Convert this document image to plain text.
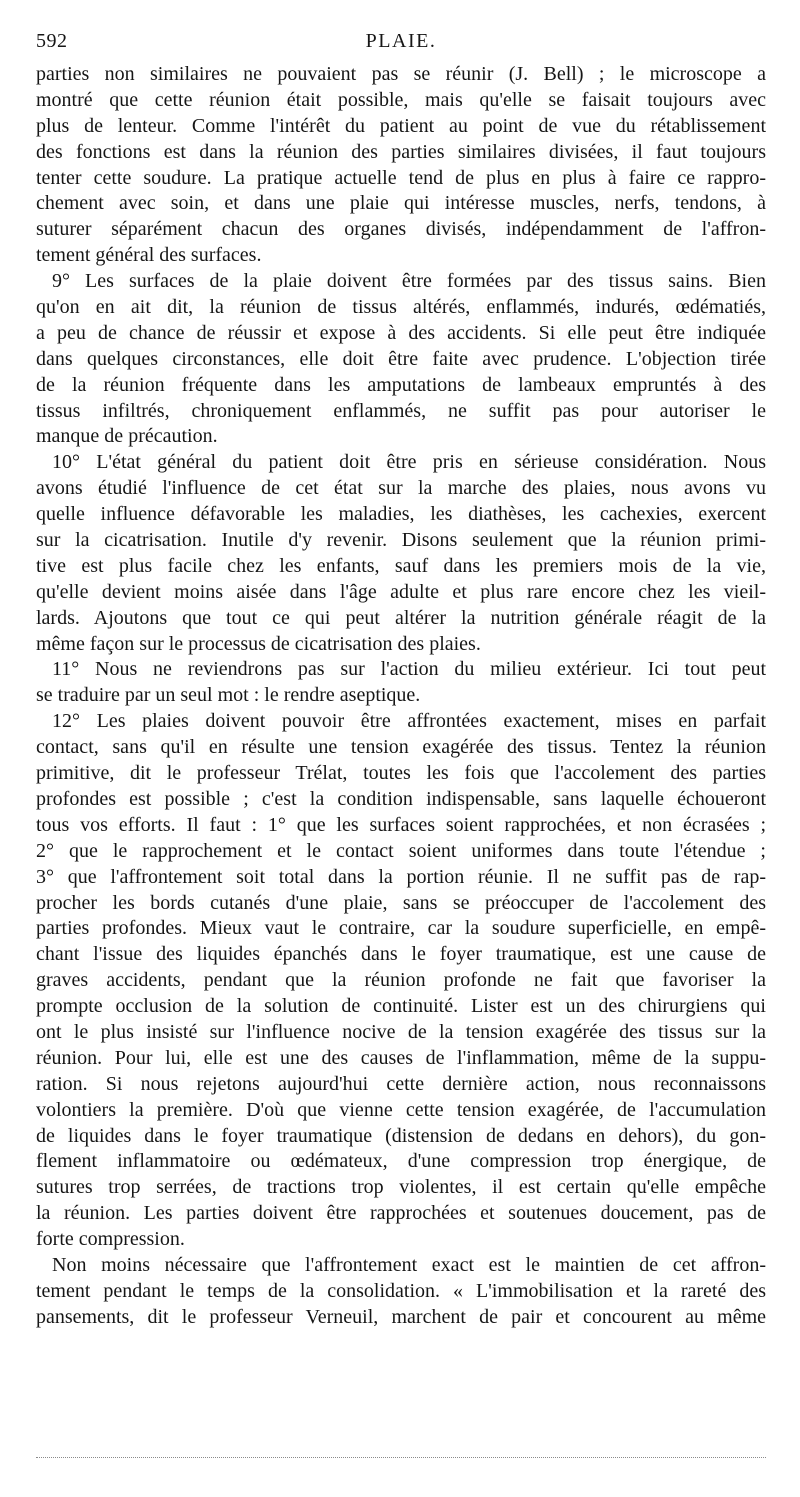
592	PLAIE.
parties non similaires ne pouvaient pas se réunir (J. Bell) ; le microscope a
montré que cette réunion était possible, mais qu'elle se faisait toujours avec
plus de lenteur. Comme l'intérêt du patient au point de vue du rétablissement
des fonctions est dans la réunion des parties similaires divisées, il faut toujours
tenter cette soudure. La pratique actuelle tend de plus en plus à faire ce rappro-
chement avec soin, et dans une plaie qui intéresse muscles, nerfs, tendons, à
suturer séparément chacun des organes divisés, indépendamment de l'affron-
tement général des surfaces.
9° Les surfaces de la plaie doivent être formées par des tissus sains. Bien
qu'on en ait dit, la réunion de tissus altérés, enflammés, indurés, œdématiés,
a peu de chance de réussir et expose à des accidents. Si elle peut être indiquée
dans quelques circonstances, elle doit être faite avec prudence. L'objection tirée
de la réunion fréquente dans les amputations de lambeaux empruntés à des
tissus infiltrés, chroniquement enflammés, ne suffit pas pour autoriser le
manque de précaution.
10° L'état général du patient doit être pris en sérieuse considération. Nous
avons étudié l'influence de cet état sur la marche des plaies, nous avons vu
quelle influence défavorable les maladies, les diathèses, les cachexies, exercent
sur la cicatrisation. Inutile d'y revenir. Disons seulement que la réunion primi-
tive est plus facile chez les enfants, sauf dans les premiers mois de la vie,
qu'elle devient moins aisée dans l'âge adulte et plus rare encore chez les vieil-
lards. Ajoutons que tout ce qui peut altérer la nutrition générale réagit de la
même façon sur le processus de cicatrisation des plaies.
11° Nous ne reviendrons pas sur l'action du milieu extérieur. Ici tout peut
se traduire par un seul mot : le rendre aseptique.
12° Les plaies doivent pouvoir être affrontées exactement, mises en parfait
contact, sans qu'il en résulte une tension exagérée des tissus. Tentez la réunion
primitive, dit le professeur Trélat, toutes les fois que l'accolement des parties
profondes est possible ; c'est la condition indispensable, sans laquelle échoueront
tous vos efforts. Il faut : 1° que les surfaces soient rapprochées, et non écrasées ;
2° que le rapprochement et le contact soient uniformes dans toute l'étendue ;
3° que l'affrontement soit total dans la portion réunie. Il ne suffit pas de rap-
procher les bords cutanés d'une plaie, sans se préoccuper de l'accolement des
parties profondes. Mieux vaut le contraire, car la soudure superficielle, en empê-
chant l'issue des liquides épanchés dans le foyer traumatique, est une cause de
graves accidents, pendant que la réunion profonde ne fait que favoriser la
prompte occlusion de la solution de continuité. Lister est un des chirurgiens qui
ont le plus insisté sur l'influence nocive de la tension exagérée des tissus sur la
réunion. Pour lui, elle est une des causes de l'inflammation, même de la suppu-
ration. Si nous rejetons aujourd'hui cette dernière action, nous reconnaissons
volontiers la première. D'où que vienne cette tension exagérée, de l'accumulation
de liquides dans le foyer traumatique (distension de dedans en dehors), du gon-
flement inflammatoire ou œdémateux, d'une compression trop énergique, de
sutures trop serrées, de tractions trop violentes, il est certain qu'elle empêche
la réunion. Les parties doivent être rapprochées et soutenues doucement, pas de
forte compression.
Non moins nécessaire que l'affrontement exact est le maintien de cet affron-
tement pendant le temps de la consolidation. « L'immobilisation et la rareté des
pansements, dit le professeur Verneuil, marchent de pair et concourent au même
